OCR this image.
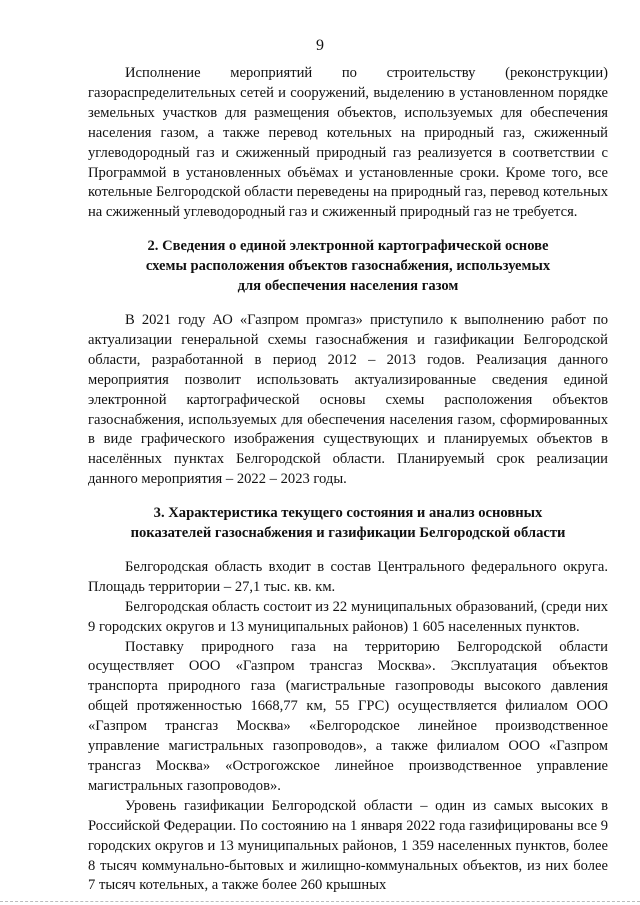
9

Исполнение мероприятий по строительству (реконструкции) газораспределительных сетей и сооружений, выделению в установленном порядке земельных участков для размещения объектов, используемых для обеспечения населения газом, а также перевод котельных на природный газ, сжиженный углеводородный газ и сжиженный природный газ реализуется в соответствии с Программой в установленных объёмах и установленные сроки. Кроме того, все котельные Белгородской области переведены на природный газ, перевод котельных на сжиженный углеводородный газ и сжиженный природный газ не требуется.

2. Сведения о единой электронной картографической основе

схемы расположения объектов газоснабжения, используемых

для обеспечения населения газом

В 2021 году АО «Газпром промгаз» приступило к выполнению работ по актуализации генеральной схемы газоснабжения и газификации Белгородской области, разработанной в период 2012 – 2013 годов. Реализация данного мероприятия позволит использовать актуализированные сведения единой электронной картографической основы схемы расположения объектов газоснабжения, используемых для обеспечения населения газом, сформированных в виде графического изображения существующих и планируемых объектов в населённых пунктах Белгородской области. Планируемый срок реализации данного мероприятия – 2022 – 2023 годы.

3. Характеристика текущего состояния и анализ основных

показателей газоснабжения и газификации Белгородской области

Белгородская область входит в состав Центрального федерального округа. Площадь территории – 27,1 тыс. кв. км.

Белгородская область состоит из 22 муниципальных образований, (среди них 9 городских округов и 13 муниципальных районов) 1 605 населенных пунктов.

Поставку природного газа на территорию Белгородской области осуществляет ООО «Газпром трансгаз Москва». Эксплуатация объектов транспорта природного газа (магистральные газопроводы высокого давления общей протяженностью 1668,77 км, 55 ГРС) осуществляется филиалом ООО «Газпром трансгаз Москва» «Белгородское линейное производственное управление магистральных газопроводов», а также филиалом ООО «Газпром трансгаз Москва» «Острогожское линейное производственное управление магистральных газопроводов».

Уровень газификации Белгородской области – один из самых высоких в Российской Федерации. По состоянию на 1 января 2022 года газифицированы все 9 городских округов и 13 муниципальных районов, 1 359 населенных пунктов, более 8 тысяч коммунально-бытовых и жилищно-коммунальных объектов, из них более 7 тысяч котельных, а также более 260 крышных
